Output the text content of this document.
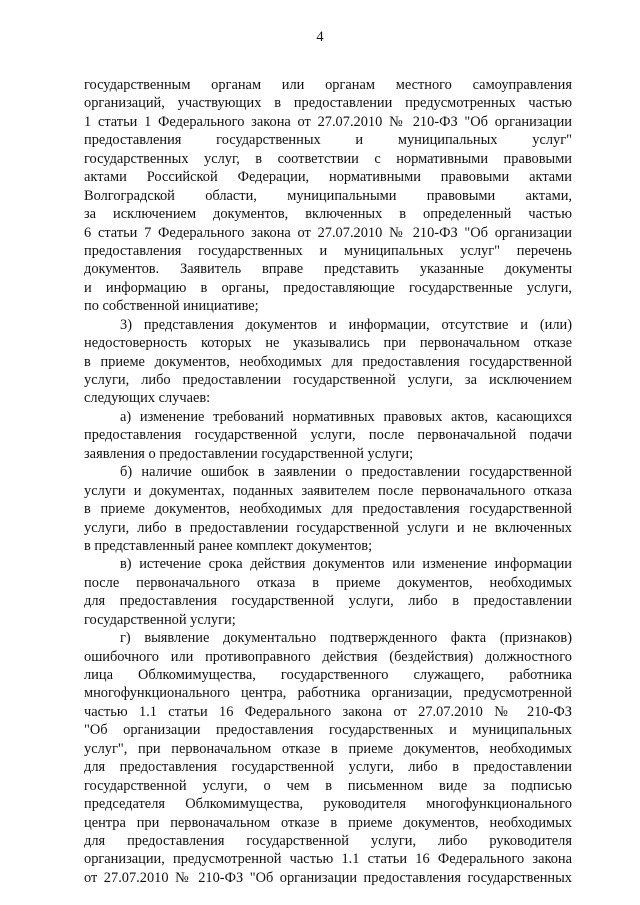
4
государственным органам или органам местного самоуправления
организаций, участвующих в предоставлении предусмотренных частью
1 статьи 1 Федерального закона от 27.07.2010 № 210-ФЗ "Об организации
предоставления государственных и муниципальных услуг"
государственных услуг, в соответствии с нормативными правовыми
актами Российской Федерации, нормативными правовыми актами
Волгоградской области, муниципальными правовыми актами,
за исключением документов, включенных в определенный частью
6 статьи 7 Федерального закона от 27.07.2010 № 210-ФЗ "Об организации
предоставления государственных и муниципальных услуг" перечень
документов. Заявитель вправе представить указанные документы
и информацию в органы, предоставляющие государственные услуги,
по собственной инициативе;
3) представления документов и информации, отсутствие и (или)
недостоверность которых не указывались при первоначальном отказе
в приеме документов, необходимых для предоставления государственной
услуги, либо предоставлении государственной услуги, за исключением
следующих случаев:
а) изменение требований нормативных правовых актов, касающихся
предоставления государственной услуги, после первоначальной подачи
заявления о предоставлении государственной услуги;
б) наличие ошибок в заявлении о предоставлении государственной
услуги и документах, поданных заявителем после первоначального отказа
в приеме документов, необходимых для предоставления государственной
услуги, либо в предоставлении государственной услуги и не включенных
в представленный ранее комплект документов;
в) истечение срока действия документов или изменение информации
после первоначального отказа в приеме документов, необходимых
для предоставления государственной услуги, либо в предоставлении
государственной услуги;
г) выявление документально подтвержденного факта (признаков)
ошибочного или противоправного действия (бездействия) должностного
лица Облкомимущества, государственного служащего, работника
многофункционального центра, работника организации, предусмотренной
частью 1.1 статьи 16 Федерального закона от 27.07.2010 № 210-ФЗ
"Об организации предоставления государственных и муниципальных
услуг", при первоначальном отказе в приеме документов, необходимых
для предоставления государственной услуги, либо в предоставлении
государственной услуги, о чем в письменном виде за подписью
председателя Облкомимущества, руководителя многофункционального
центра при первоначальном отказе в приеме документов, необходимых
для предоставления государственной услуги, либо руководителя
организации, предусмотренной частью 1.1 статьи 16 Федерального закона
от 27.07.2010 № 210-ФЗ "Об организации предоставления государственных
